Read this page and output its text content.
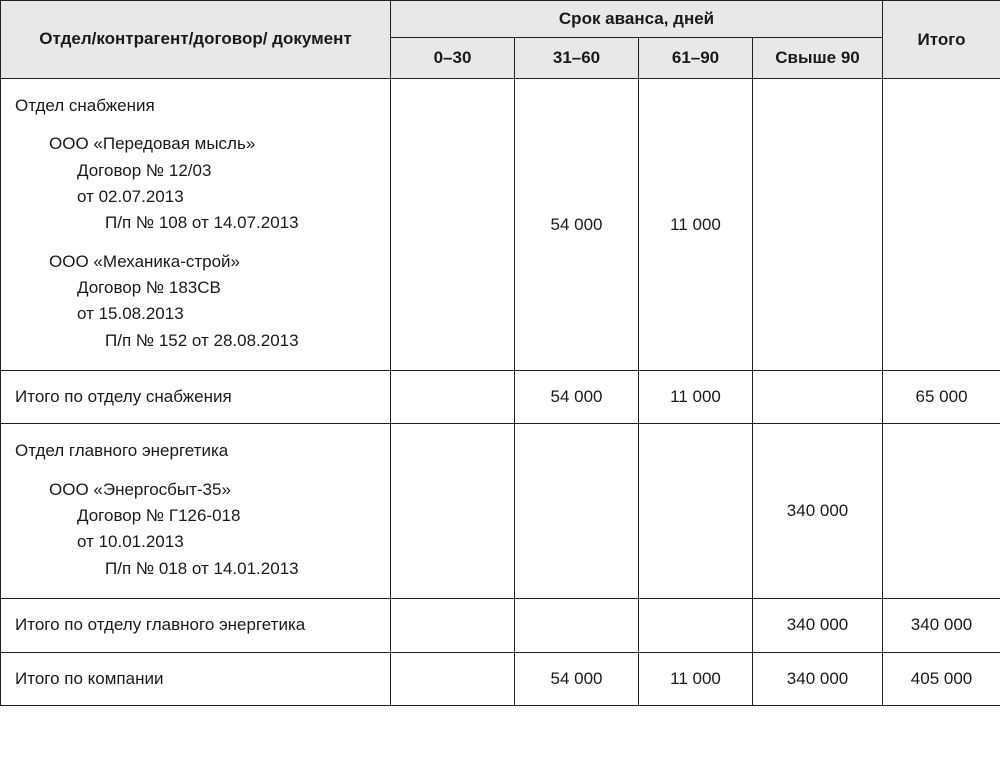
Отдел/контрагент/договор/ документ	Срок аванса, дней				Итого
	0–30	31–60	61–90	Свыше 90	

Отдел снабжения
ООО «Передовая мысль»
Договор № 12/03
от 02.07.2013
П/п № 108 от 14.07.2013
ООО «Механика-строй»
Договор № 183СВ
от 15.08.2013
П/п № 152 от 28.08.2013
		54 000	11 000		
Итого по отделу снабжения		54 000	11 000		65 000

Отдел главного энергетика
ООО «Энергосбыт-35»
Договор № Г126-018
от 10.01.2013
П/п № 018 от 14.01.2013				340 000	
Итого по отделу главного энергетика				340 000	340 000
Итого по компании		54 000	11 000	340 000	405 000
